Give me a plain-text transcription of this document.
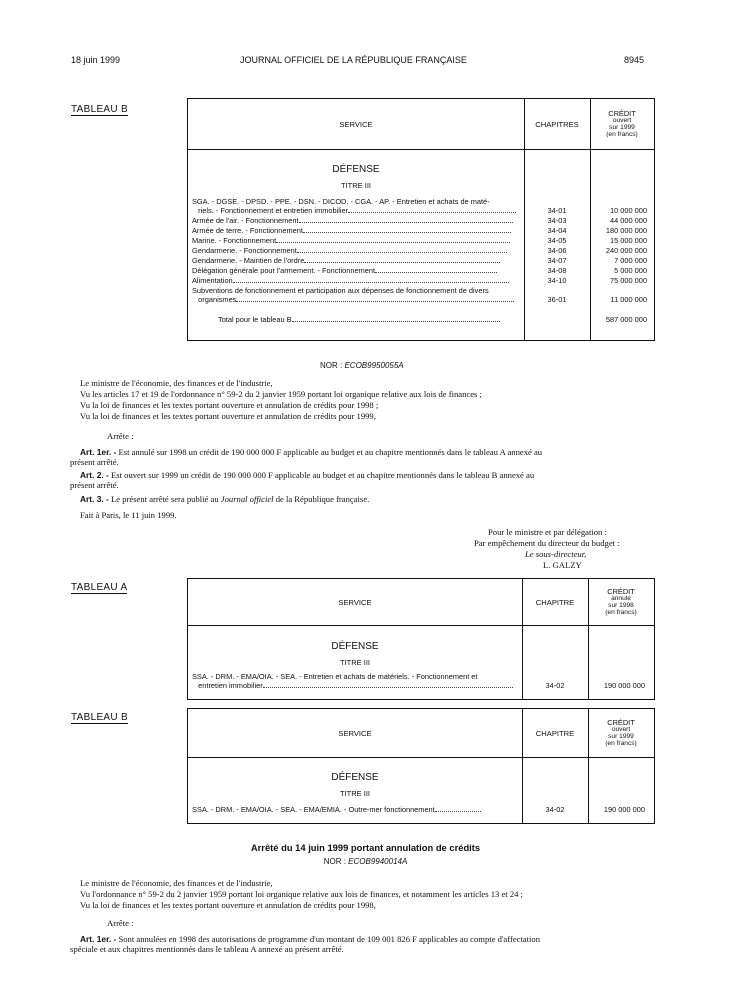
18 juin 1999	JOURNAL OFFICIEL DE LA RÉPUBLIQUE FRANÇAISE	8945
TABLEAU B
SERVICE	CHAPITRES
CRÉDIT
ouvert
sur 1999
(en francs)
DÉFENSE
TITRE III
SGA. - DGSE. - DPSD. - PPE. - DSN. - DICOD. - CGA. - AP. - Entretien et achats de maté-
riels. - Fonctionnement et entretien immobilier	34-01	10 000 000
Armée de l'air. - Fonctionnement	34-03	44 000 000
Armée de terre. - Fonctionnement	34-04	180 000 000
Marine. - Fonctionnement	34-05	15 000 000
Gendarmerie. - Fonctionnement	34-06	240 000 000
Gendarmerie. - Maintien de l'ordre	34-07	7 000 000
Délégation générale pour l'armement. - Fonctionnement	34-08	5 000 000
Alimentation	34-10	75 000 000
Subventions de fonctionnement et participation aux dépenses de fonctionnement de divers
organismes	36-01	11 000 000
Total pour le tableau B	587 000 000
NOR : ECOB9950055A
Le ministre de l'économie, des finances et de l'industrie,
Vu les articles 17 et 19 de l'ordonnance n° 59-2 du 2 janvier 1959 portant loi organique relative aux lois de finances ;
Vu la loi de finances et les textes portant ouverture et annulation de crédits pour 1998 ;
Vu la loi de finances et les textes portant ouverture et annulation de crédits pour 1999,
Arrête :
Art. 1er. - Est annulé sur 1998 un crédit de 190 000 000 F applicable au budget et au chapitre mentionnés dans le tableau A annexé au
présent arrêté.
Art. 2. - Est ouvert sur 1999 un crédit de 190 000 000 F applicable au budget et au chapitre mentionnés dans le tableau B annexé au
présent arrêté.
Art. 3. - Le présent arrêté sera publié au Journal officiel de la République française.
Fait à Paris, le 11 juin 1999.
Pour le ministre et par délégation :
Par empêchement du directeur du budget :
Le sous-directeur,
L. GALZY
TABLEAU A
SERVICE	CHAPITRE
CRÉDIT
annulé
sur 1998
(en francs)
DÉFENSE
TITRE III
SSA. - DRM. - EMA/OIA. - SEA. - Entretien et achats de matériels. - Fonctionnement et
entretien immobilier	34-02	190 000 000
TABLEAU B
SERVICE	CHAPITRE
CRÉDIT
ouvert
sur 1999
(en francs)
DÉFENSE
TITRE III
SSA. - DRM. - EMA/OIA. - SEA. - EMA/EMIA. - Outre-mer fonctionnement	34-02	190 000 000
Arrêté du 14 juin 1999 portant annulation de crédits
NOR : ECOB9940014A
Le ministre de l'économie, des finances et de l'industrie,
Vu l'ordonnance n° 59-2 du 2 janvier 1959 portant loi organique relative aux lois de finances, et notamment les articles 13 et 24 ;
Vu la loi de finances et les textes portant ouverture et annulation de crédits pour 1998,
Arrête :
Art. 1er. - Sont annulées en 1998 des autorisations de programme d'un montant de 109 001 826 F applicables au compte d'affectation
spéciale et aux chapitres mentionnés dans le tableau A annexé au présent arrêté.
